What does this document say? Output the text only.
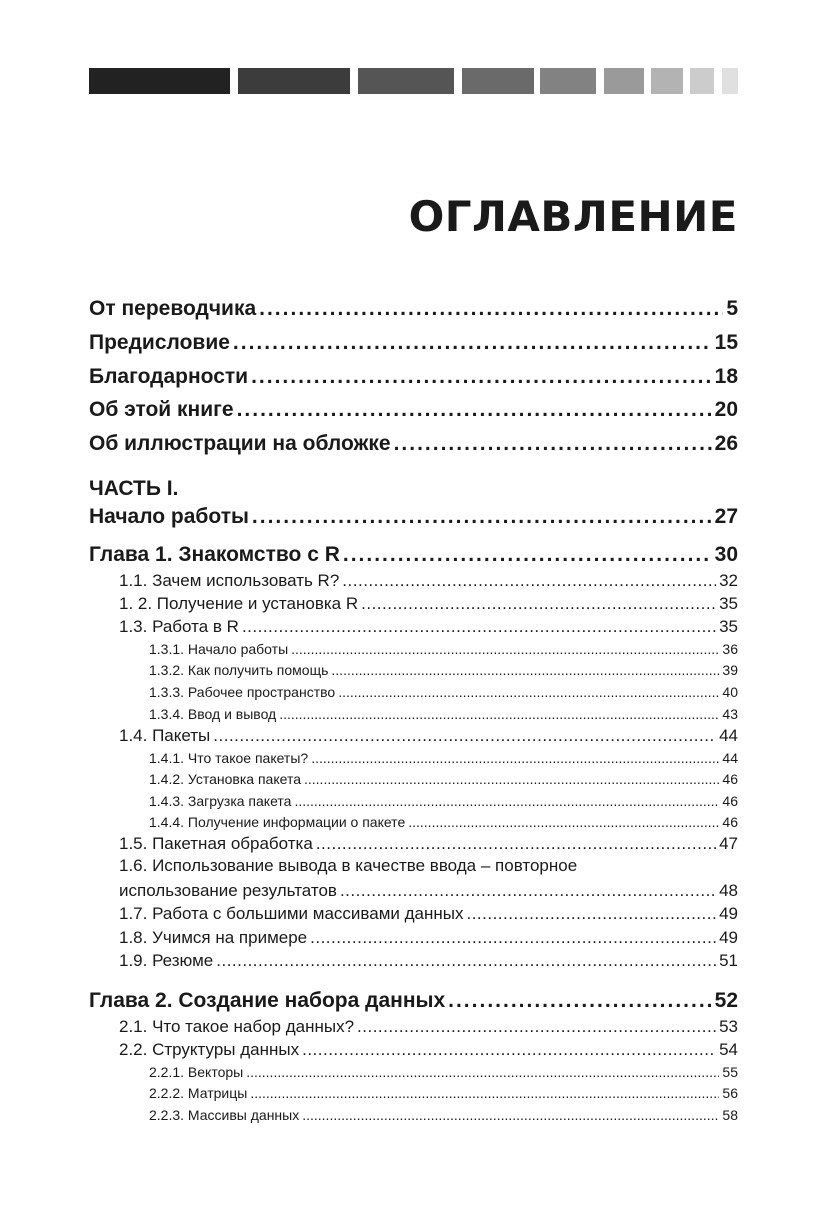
ОГЛАВЛЕНИЕ
От переводчика .....	5
Предисловие .....	15
Благодарности .....	18
Об этой книге .....	20
Об иллюстрации на обложке .....	26
ЧАСТЬ I.
Начало работы .....	27
Глава 1. Знакомство с R .....	30
1.1. Зачем использовать R? .....	32
1. 2. Получение и установка R .....	35
1.3. Работа в R .....	35
1.3.1. Начало работы .....	36
1.3.2. Как получить помощь .....	39
1.3.3. Рабочее пространство .....	40
1.3.4. Ввод и вывод .....	43
1.4. Пакеты .....	44
1.4.1. Что такое пакеты? .....	44
1.4.2. Установка пакета .....	46
1.4.3. Загрузка пакета .....	46
1.4.4. Получение информации о пакете .....	46
1.5. Пакетная обработка .....	47
1.6. Использование вывода в качестве ввода – повторное
использование результатов .....	48
1.7. Работа с большими массивами данных .....	49
1.8. Учимся на примере .....	49
1.9. Резюме .....	51
Глава 2. Создание набора данных .....	52
2.1. Что такое набор данных? .....	53
2.2. Структуры данных .....	54
2.2.1. Векторы .....	55
2.2.2. Матрицы .....	56
2.2.3. Массивы данных .....	58
